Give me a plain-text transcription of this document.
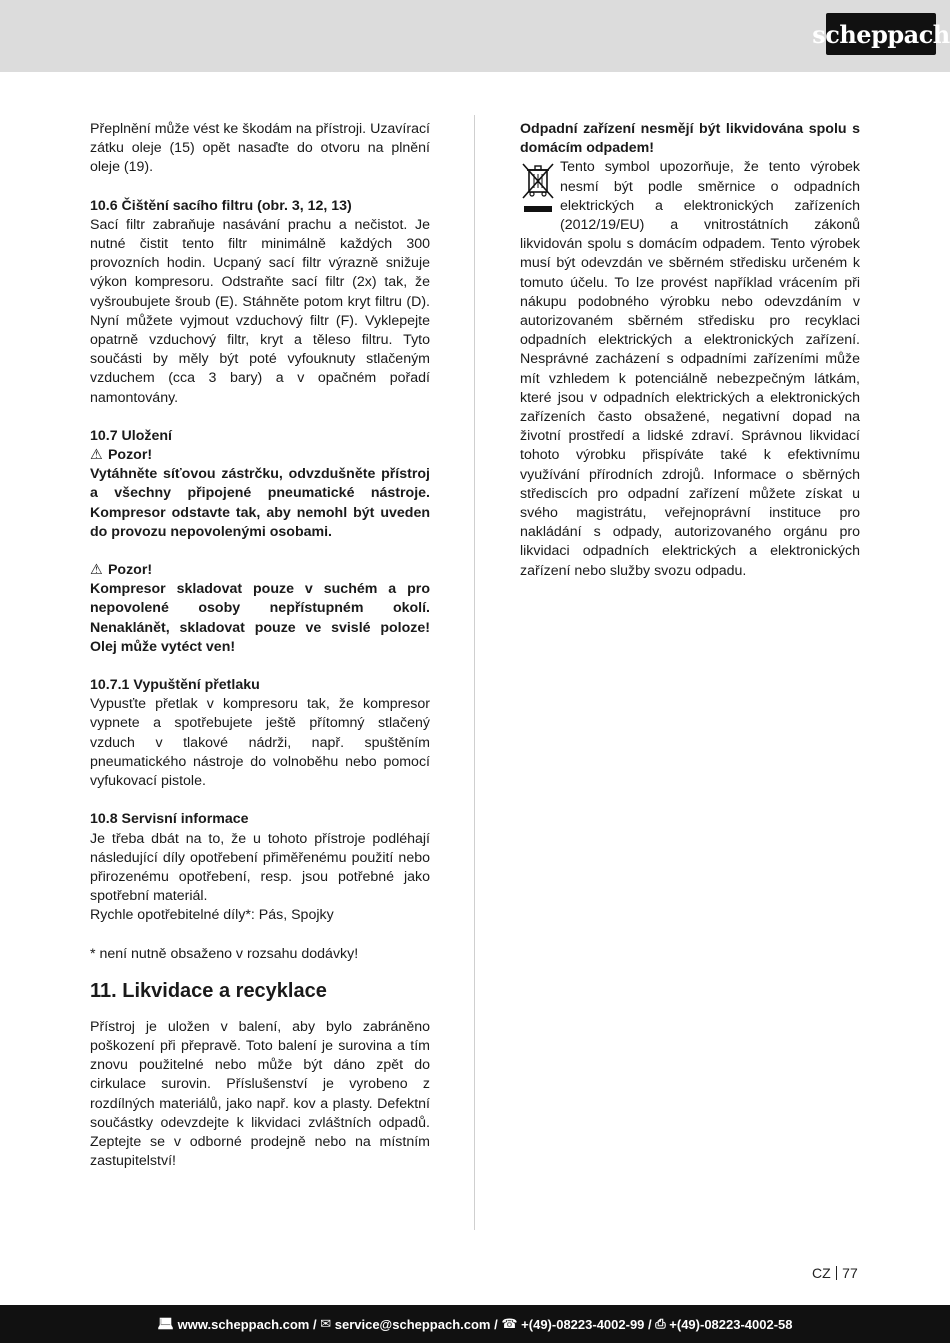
scheppach

Přeplnění může vést ke škodám na přístroji. Uzavírací zátku oleje (15) opět nasaďte do otvoru na plnění oleje (19).

10.6 Čištění sacího filtru (obr. 3, 12, 13)

Sací filtr zabraňuje nasávání prachu a nečistot. Je nutné čistit tento filtr minimálně každých 300 provozních hodin. Ucpaný sací filtr výrazně snižuje výkon kompresoru. Odstraňte sací filtr (2x) tak, že vyšroubujete šroub (E). Stáhněte potom kryt filtru (D). Nyní můžete vyjmout vzduchový filtr (F). Vyklepejte opatrně vzduchový filtr, kryt a těleso filtru. Tyto součásti by měly být poté vyfouknuty stlačeným vzduchem (cca 3 bary) a v opačném pořadí namontovány.

10.7 Uložení

⚠ Pozor!

Vytáhněte síťovou zástrčku, odvzdušněte přístroj a všechny připojené pneumatické nástroje. Kompresor odstavte tak, aby nemohl být uveden do provozu nepovolenými osobami.

⚠ Pozor!

Kompresor skladovat pouze v suchém a pro nepovolené osoby nepřístupném okolí. Nenaklánět, skladovat pouze ve svislé poloze! Olej může vytéct ven!

10.7.1 Vypuštění přetlaku

Vypusťte přetlak v kompresoru tak, že kompresor vypnete a spotřebujete ještě přítomný stlačený vzduch v tlakové nádrži, např. spuštěním pneumatického nástroje do volnoběhu nebo pomocí vyfukovací pistole.

10.8 Servisní informace

Je třeba dbát na to, že u tohoto přístroje podléhají následující díly opotřebení přiměřenému použití nebo přirozenému opotřebení, resp. jsou potřebné jako spotřební materiál.

Rychle opotřebitelné díly*: Pás, Spojky

* není nutně obsaženo v rozsahu dodávky!

11. Likvidace a recyklace

Přístroj je uložen v balení, aby bylo zabráněno poškození při přepravě. Toto balení je surovina a tím znovu použitelné nebo může být dáno zpět do cirkulace surovin. Příslušenství je vyrobeno z rozdílných materiálů, jako např. kov a plasty. Defektní součástky odevzdejte k likvidaci zvláštních odpadů. Zeptejte se v odborné prodejně nebo na místním zastupitelství!

Odpadní zařízení nesmějí být likvidována spolu s domácím odpadem!

Tento symbol upozorňuje, že tento výrobek nesmí být podle směrnice o odpadních elektrických a elektronických zařízeních (2012/19/EU) a vnitrostátních zákonů likvidován spolu s domácím odpadem. Tento výrobek musí být odevzdán ve sběrném středisku určeném k tomuto účelu. To lze provést například vrácením při nákupu podobného výrobku nebo odevzdáním v autorizovaném sběrném středisku pro recyklaci odpadních elektrických a elektronických zařízení. Nesprávné zacházení s odpadními zařízeními může mít vzhledem k potenciálně nebezpečným látkám, které jsou v odpadních elektrických a elektronických zařízeních často obsažené, negativní dopad na životní prostředí a lidské zdraví. Správnou likvidací tohoto výrobku přispíváte také k efektivnímu využívání přírodních zdrojů. Informace o sběrných střediscích pro odpadní zařízení můžete získat u svého magistrátu, veřejnoprávní instituce pro nakládání s odpady, autorizovaného orgánu pro likvidaci odpadních elektrických a elektronických zařízení nebo služby svozu odpadu.

CZ 77
💻︎
www.scheppach.com /
✉
service@scheppach.com /
☎
+(49)-08223-4002-99 /
⎙
+(49)-08223-4002-58
